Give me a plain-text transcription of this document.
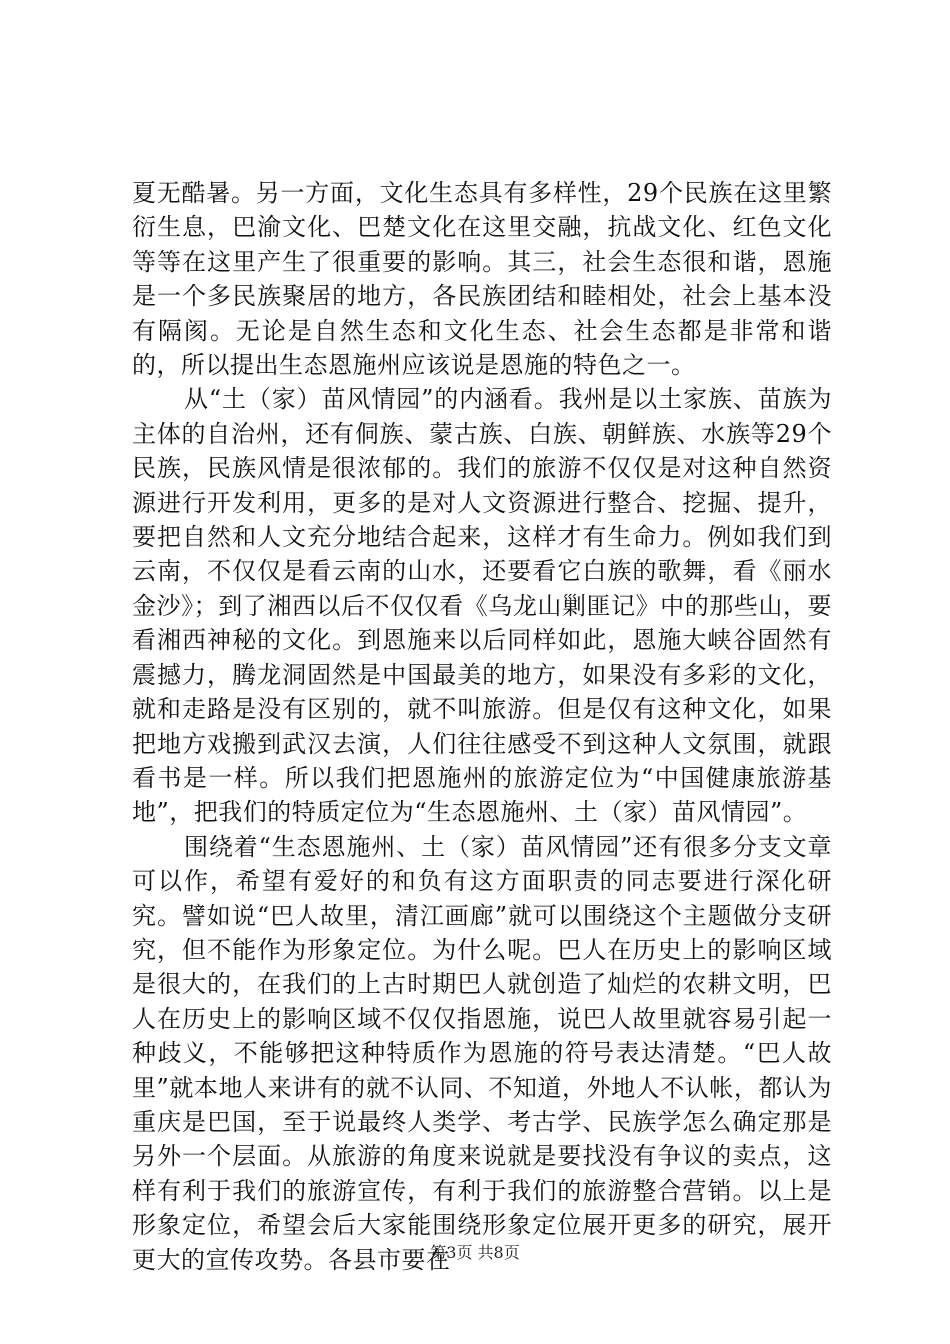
夏无酷暑。另一方面，文化生态具有多样性，29个民族在这里繁衍生息，巴渝文化、巴楚文化在这里交融，抗战文化、红色文化等等在这里产生了很重要的影响。其三，社会生态很和谐，恩施是一个多民族聚居的地方，各民族团结和睦相处，社会上基本没有隔阂。无论是自然生态和文化生态、社会生态都是非常和谐的，所以提出生态恩施州应该说是恩施的特色之一。

从“土（家）苗风情园”的内涵看。我州是以土家族、苗族为主体的自治州，还有侗族、蒙古族、白族、朝鲜族、水族等29个民族，民族风情是很浓郁的。我们的旅游不仅仅是对这种自然资源进行开发利用，更多的是对人文资源进行整合、挖掘、提升，要把自然和人文充分地结合起来，这样才有生命力。例如我们到云南，不仅仅是看云南的山水，还要看它白族的歌舞，看《丽水金沙》；到了湘西以后不仅仅看《乌龙山剿匪记》中的那些山，要看湘西神秘的文化。到恩施来以后同样如此，恩施大峡谷固然有震撼力，腾龙洞固然是中国最美的地方，如果没有多彩的文化，就和走路是没有区别的，就不叫旅游。但是仅有这种文化，如果把地方戏搬到武汉去演，人们往往感受不到这种人文氛围，就跟看书是一样。所以我们把恩施州的旅游定位为“中国健康旅游基地”，把我们的特质定位为“生态恩施州、土（家）苗风情园”。

围绕着“生态恩施州、土（家）苗风情园”还有很多分支文章可以作，希望有爱好的和负有这方面职责的同志要进行深化研究。譬如说“巴人故里，清江画廊”就可以围绕这个主题做分支研究，但不能作为形象定位。为什么呢。巴人在历史上的影响区域是很大的，在我们的上古时期巴人就创造了灿烂的农耕文明，巴人在历史上的影响区域不仅仅指恩施，说巴人故里就容易引起一种歧义，不能够把这种特质作为恩施的符号表达清楚。“巴人故里”就本地人来讲有的就不认同、不知道，外地人不认帐，都认为重庆是巴国，至于说最终人类学、考古学、民族学怎么确定那是另外一个层面。从旅游的角度来说就是要找没有争议的卖点，这样有利于我们的旅游宣传，有利于我们的旅游整合营销。以上是形象定位，希望会后大家能围绕形象定位展开更多的研究，展开更大的宣传攻势。各县市要在

第3页 共8页
